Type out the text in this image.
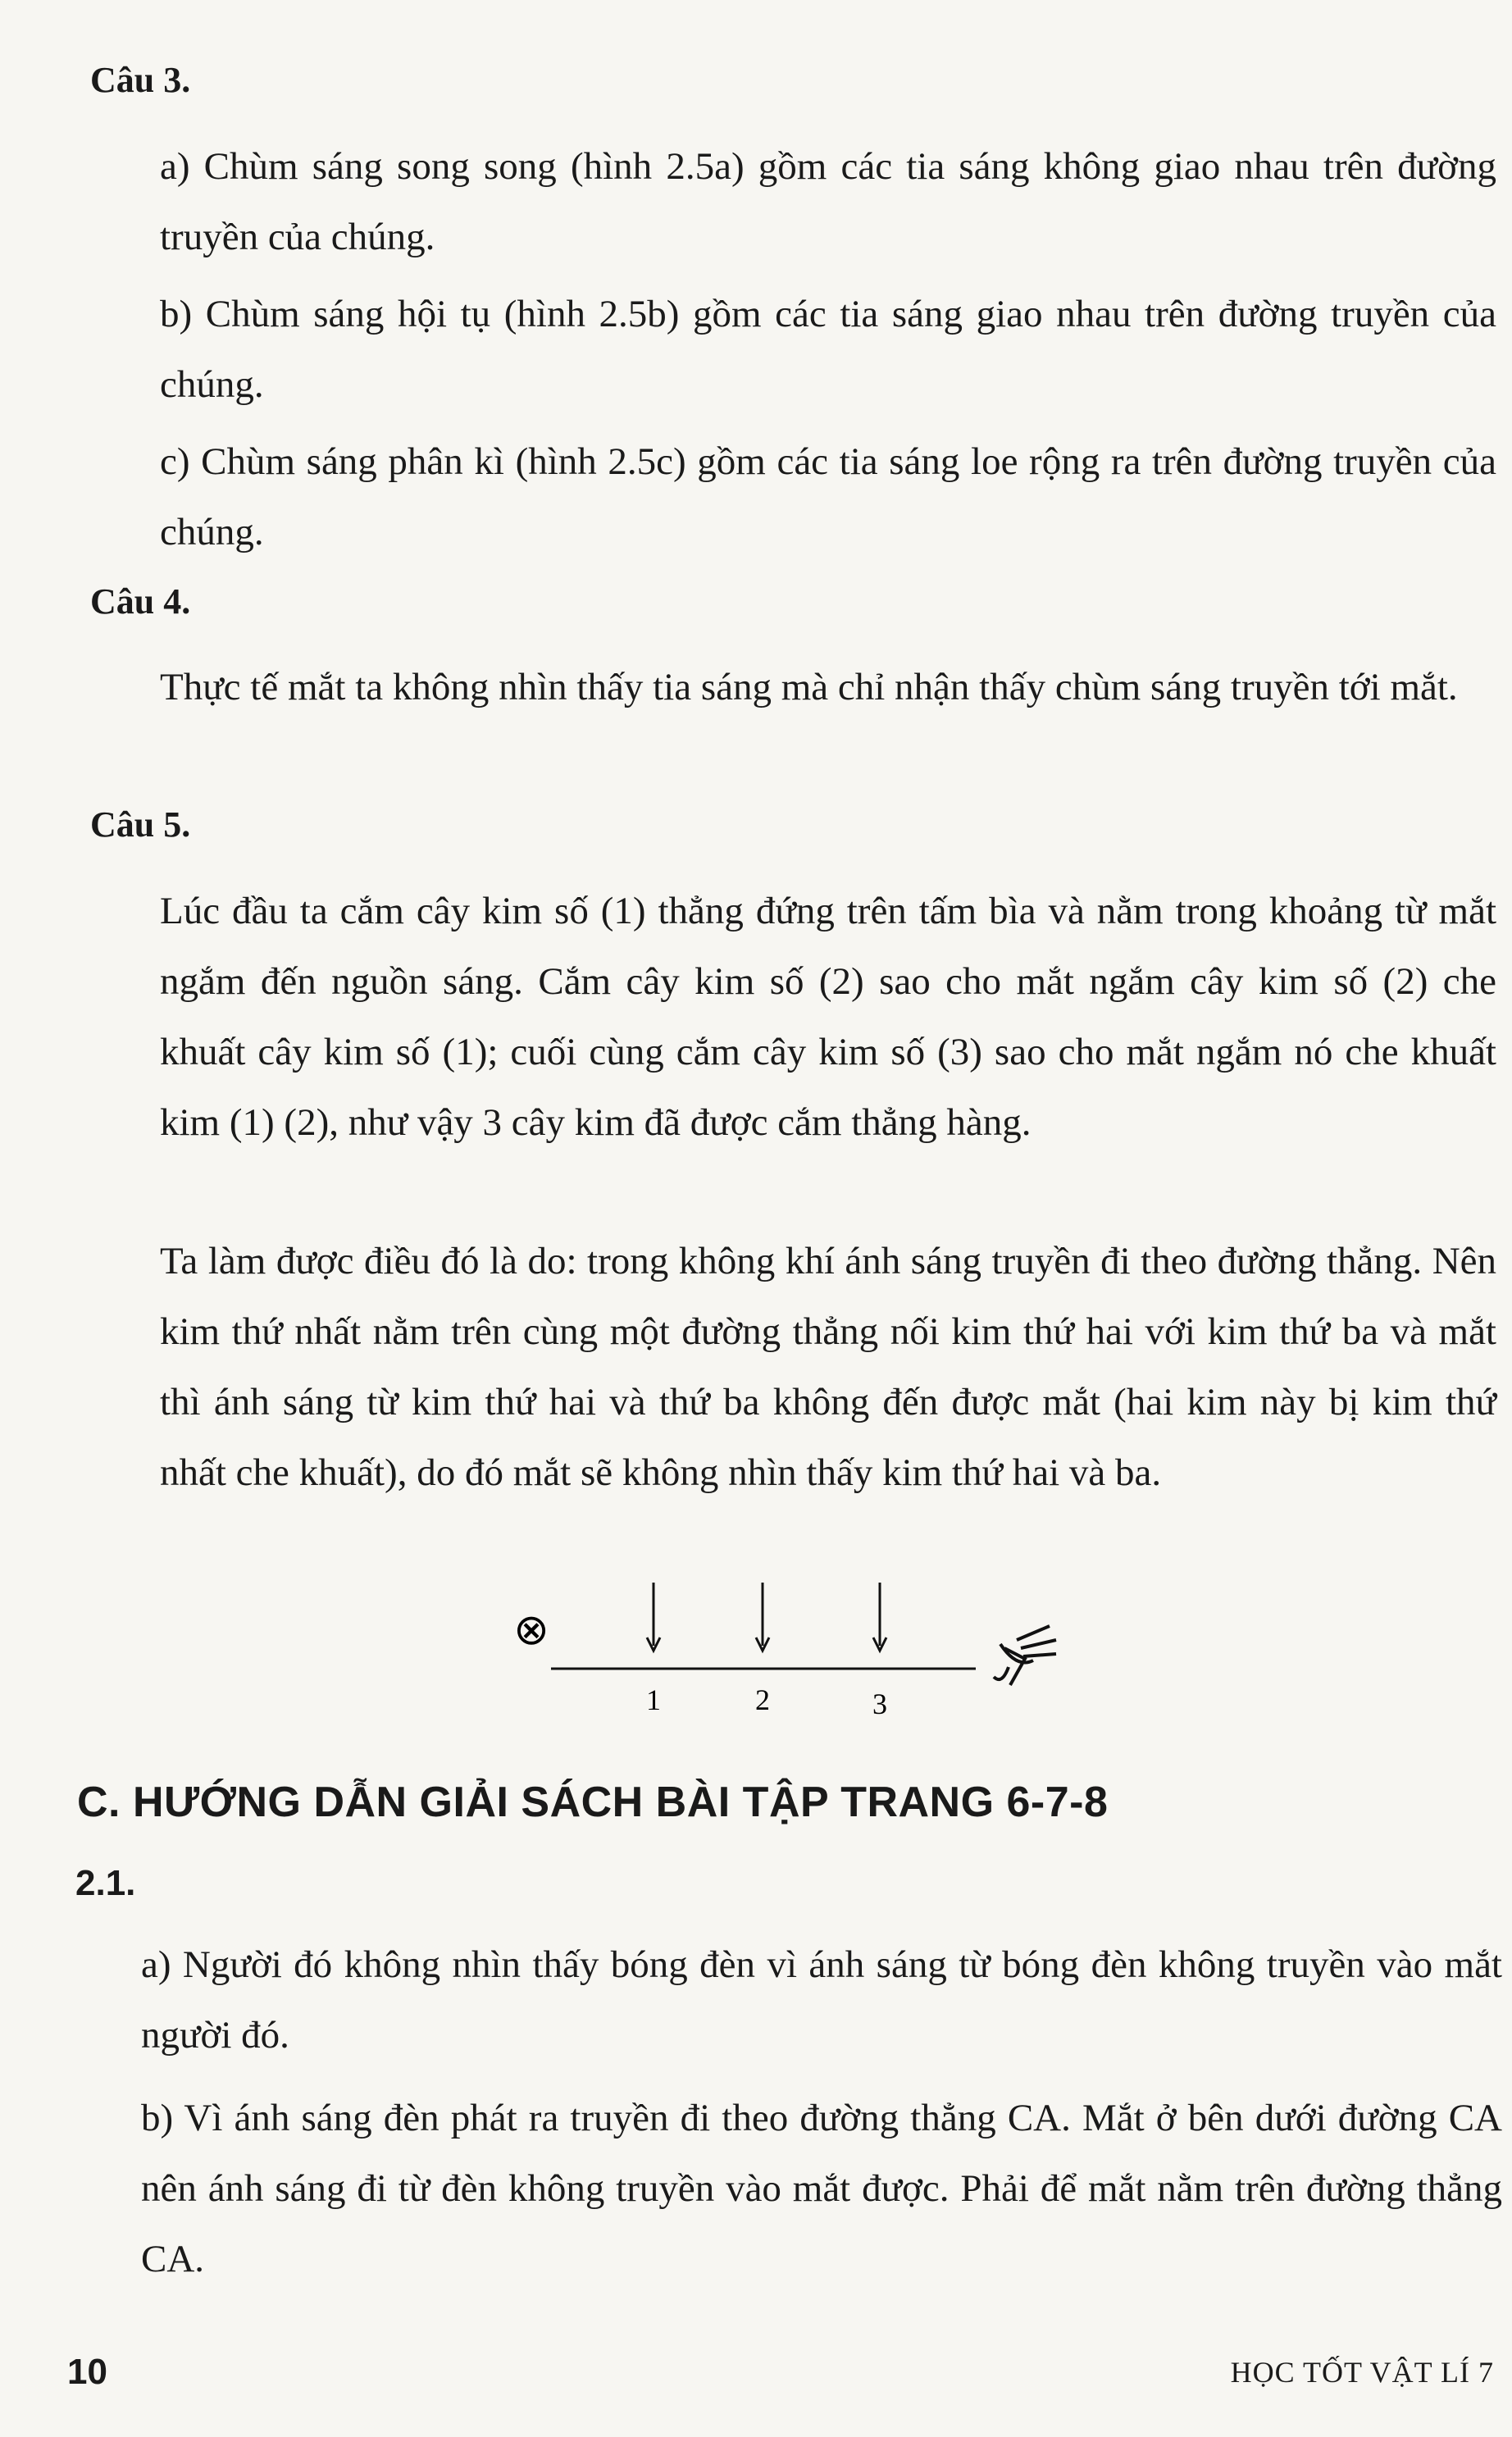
Câu 3.
a) Chùm sáng song song (hình 2.5a) gồm các tia sáng không giao nhau trên đường truyền của chúng.
b) Chùm sáng hội tụ (hình 2.5b) gồm các tia sáng giao nhau trên đường truyền của chúng.
c) Chùm sáng phân kì (hình 2.5c) gồm các tia sáng loe rộng ra trên đường truyền của chúng.
Câu 4.
Thực tế mắt ta không nhìn thấy tia sáng mà chỉ nhận thấy chùm sáng truyền tới mắt.
Câu 5.
Lúc đầu ta cắm cây kim số (1) thẳng đứng trên tấm bìa và nằm trong khoảng từ mắt ngắm đến nguồn sáng. Cắm cây kim số (2) sao cho mắt ngắm cây kim số (2) che khuất cây kim số (1); cuối cùng cắm cây kim số (3) sao cho mắt ngắm nó che khuất kim (1) (2), như vậy 3 cây kim đã được cắm thẳng hàng.
Ta làm được điều đó là do: trong không khí ánh sáng truyền đi theo đường thẳng. Nên kim thứ nhất nằm trên cùng một đường thẳng nối kim thứ hai với kim thứ ba và mắt thì ánh sáng từ kim thứ hai và thứ ba không đến được mắt (hai kim này bị kim thứ nhất che khuất), do đó mắt sẽ không nhìn thấy kim thứ hai và ba.
⊗
1	2	3
C. HƯỚNG DẪN GIẢI SÁCH BÀI TẬP TRANG 6-7-8
2.1.
a) Người đó không nhìn thấy bóng đèn vì ánh sáng từ bóng đèn không truyền vào mắt người đó.
b) Vì ánh sáng đèn phát ra truyền đi theo đường thẳng CA. Mắt ở bên dưới đường CA nên ánh sáng đi từ đèn không truyền vào mắt được. Phải để mắt nằm trên đường thẳng CA.
10	HỌC TỐT VẬT LÍ 7
